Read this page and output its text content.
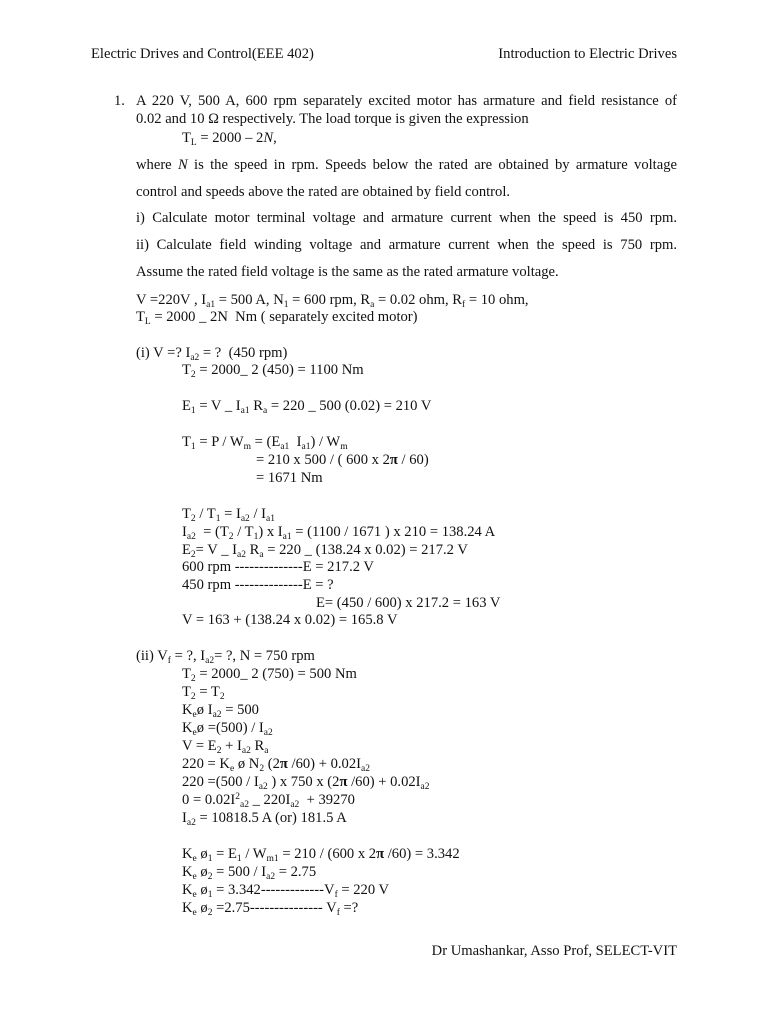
Electric Drives and Control(EEE 402)	Introduction to Electric Drives
1. A 220 V, 500 A, 600 rpm separately excited motor has armature and field resistance of
0.02 and 10 Ω respectively. The load torque is given the expression
$T_L = 2000 - 2N$,
where N is the speed in rpm. Speeds below the rated are obtained by armature voltage
control and speeds above the rated are obtained by field control.
i) Calculate motor terminal voltage and armature current when the speed is 450 rpm.
ii) Calculate field winding voltage and armature current when the speed is 750 rpm.
Assume the rated field voltage is the same as the rated armature voltage.
V =220V , $I_{a1} = 500$ A, $N_1 = 600$ rpm, $R_a = 0.02$ ohm, $R_f = 10$ ohm,
$T_L = 2000$ _ 2N  Nm ( separately excited motor)
(i) V =? $I_{a2}$ = ?  (450 rpm)
$T_2$ = 2000_ 2 (450) = 1100 Nm
$E_1 = V$ _ $I_{a1}$ $R_a = 220$ _ 500 (0.02) = 210 V
$T_1 = P / W_m = (E_{a1}$  $I_{a1}) / W_m$
= 210 x 500 / ( 600 x 2π / 60)
= 1671 Nm
$T_2 / T_1 = I_{a2} / I_{a1}$
$I_{a2} = (T_2 / T_1)$ x $I_{a1} = (1100 / 1671$ ) x 210 = 138.24 A
$E_2= V$ _ $I_{a2}$ $R_a = 220$ _ (138.24 x 0.02) = 217.2 V
600 rpm --------------E = 217.2 V
450 rpm --------------E = ?
E= (450 / 600) x 217.2 = 163 V
V = 163 + (138.24 x 0.02) = 165.8 V
(ii) $V_f$ = ?, $I_{a2}=$ ?, N = 750 rpm
$T_2$ = 2000_ 2 (750) = 500 Nm
$T_2 = T_2$
$K_eø$ $I_{a2} = 500$
$K_eø =(500) / I_{a2}$
$V = E_2 + I_{a2}$ $R_a$
$220 = K_e$ ø $N_2$ (2π $/60) + 0.02I_{a2}$
$220 =(500 / I_{a2}$ ) x 750 x (2π $/60) + 0.02I_{a2}$
$0 = 0.02I^2_{a2}$ _ $220I_{a2} + 39270$
$I_{a2} = 10818.5$ A (or) 181.5 A
$K_e$ $ø_1 = E_1 / W_{m1} = 210 / (600$ x 2π /60) = 3.342
$K_e$ $ø_2 = 500 / I_{a2} = 2.75$
$K_e$ $ø_1 = 3.342-------------V_f = 220$ V
$K_e$ $ø_2 =2.75---------------$ $V_f$ =?
Dr Umashankar, Asso Prof, SELECT-VIT
